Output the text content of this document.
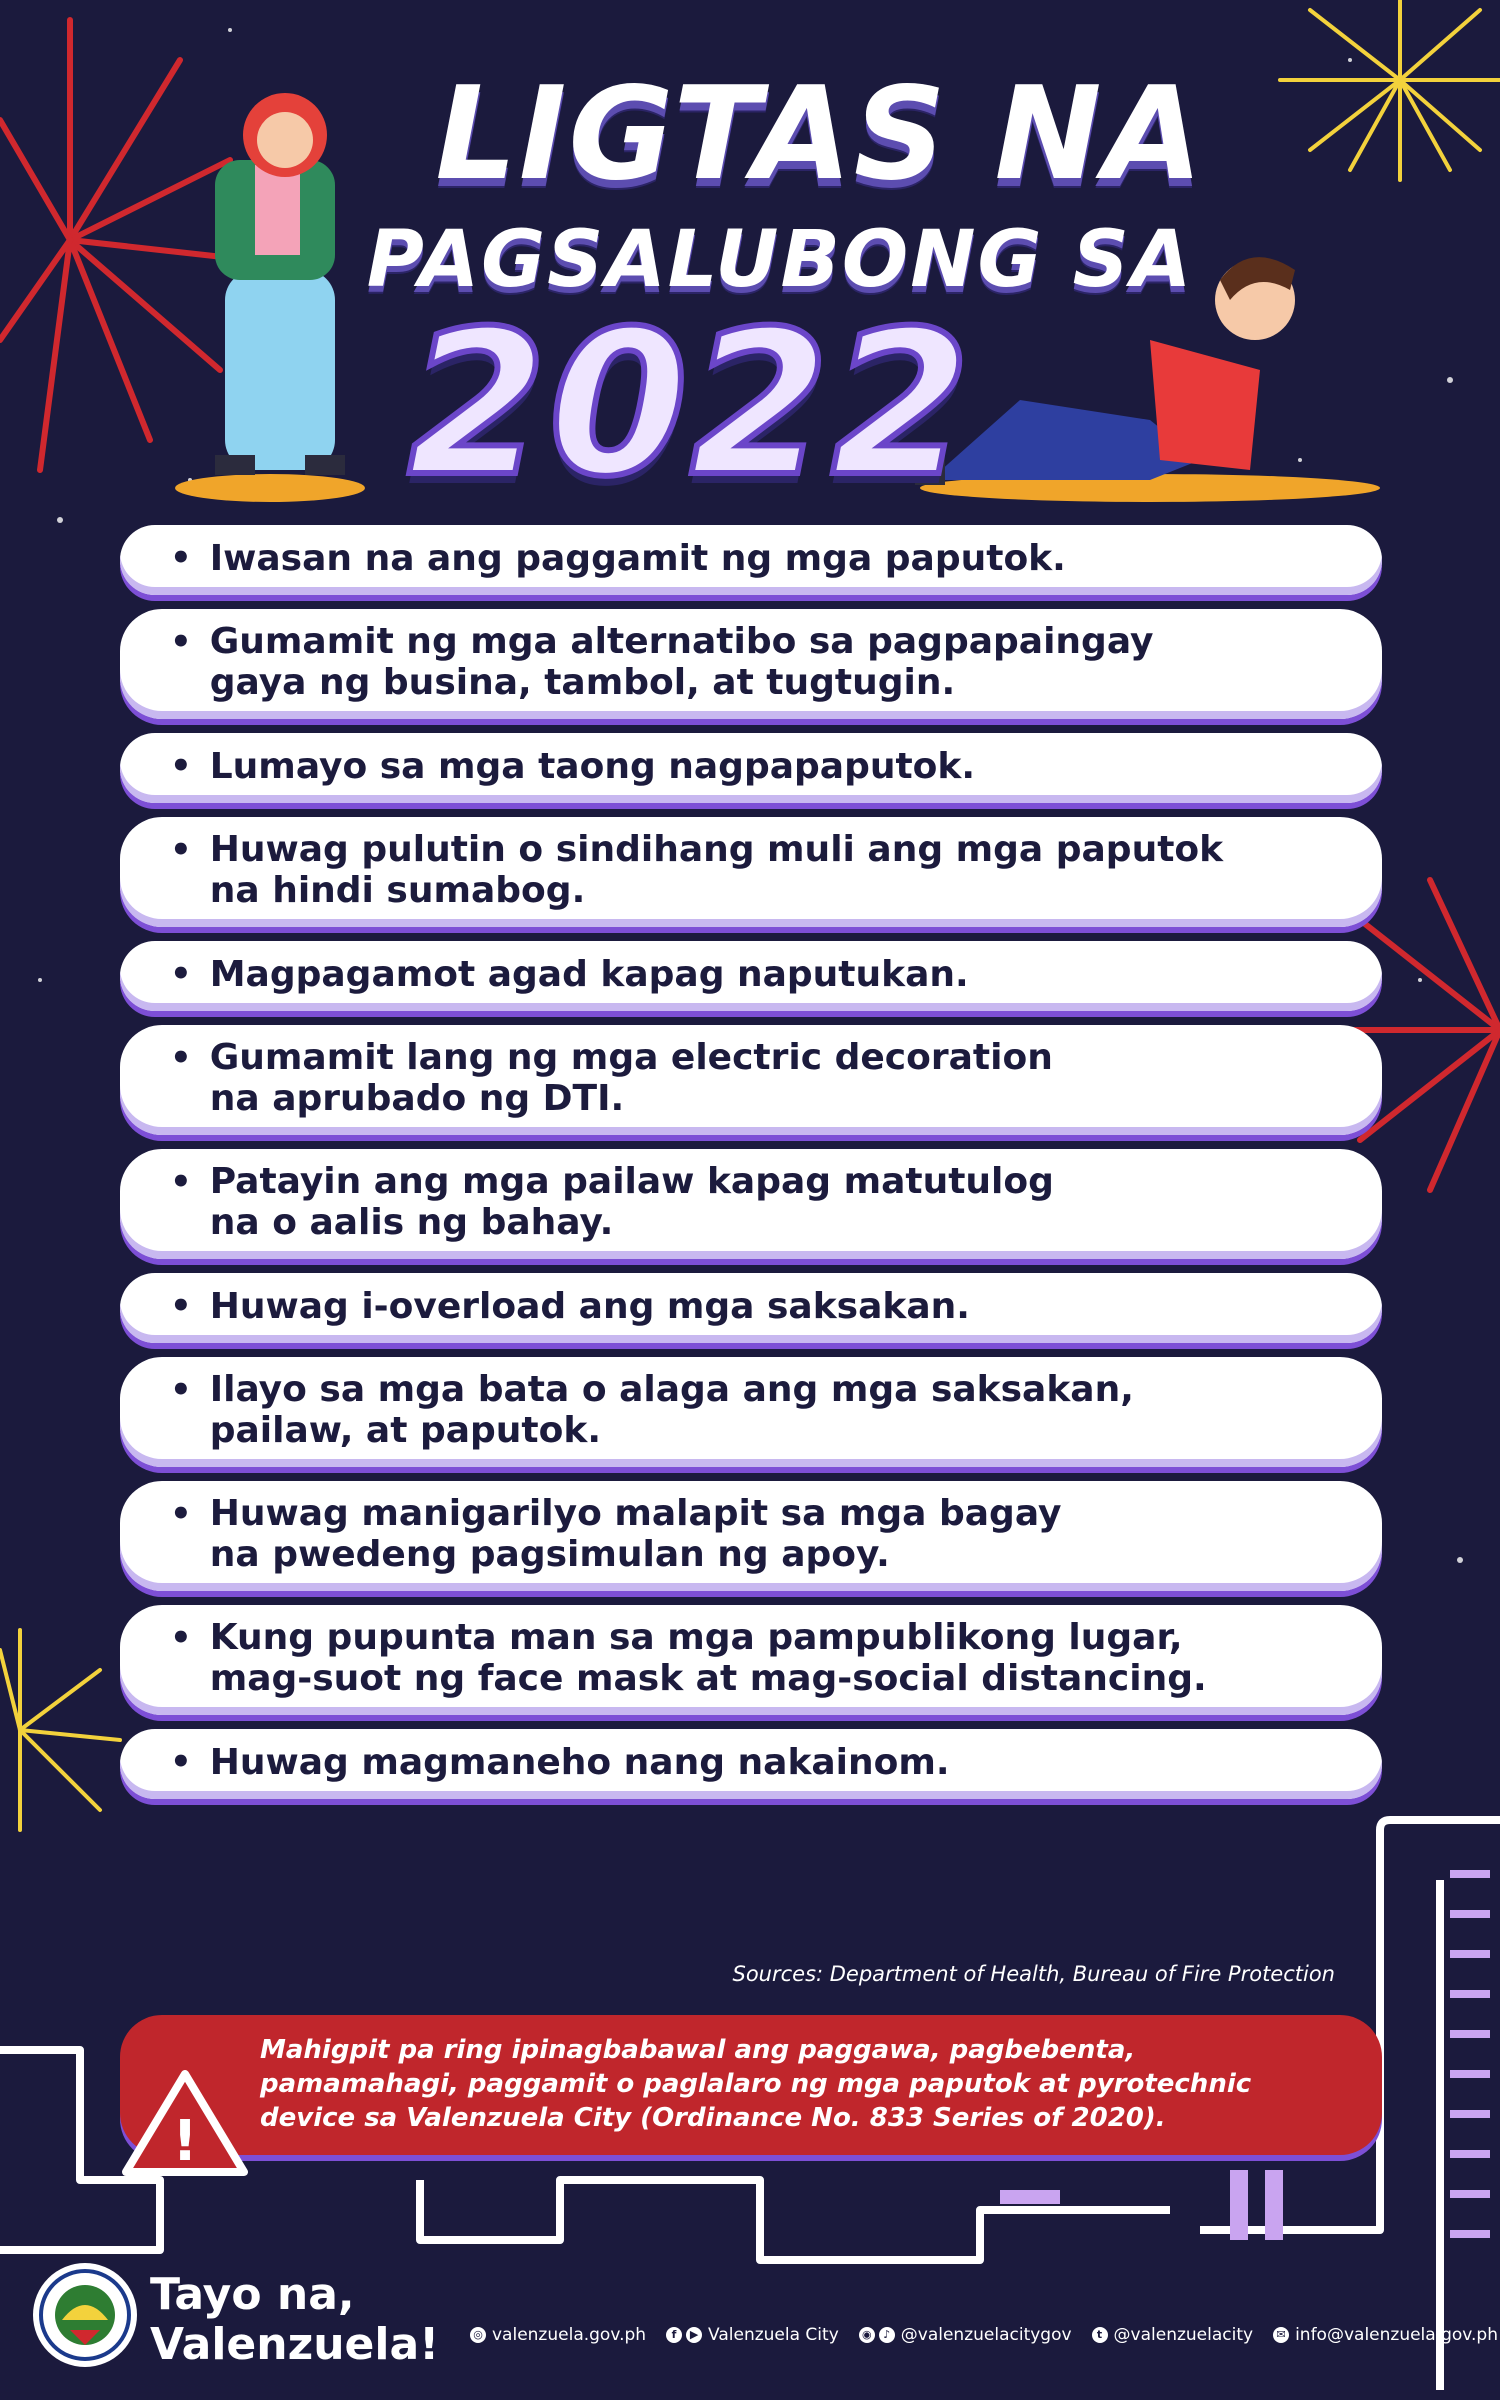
LIGTAS NA
PAGSALUBONG SA
2022
• Iwasan na ang paggamit ng mga paputok.
• Gumamit ng mga alternatibo sa pagpapaingay
gaya ng busina, tambol, at tugtugin.
• Lumayo sa mga taong nagpapaputok.
• Huwag pulutin o sindihang muli ang mga paputok
na hindi sumabog.
• Magpagamot agad kapag naputukan.
• Gumamit lang ng mga electric decoration
na aprubado ng DTI.
• Patayin ang mga pailaw kapag matutulog
na o aalis ng bahay.
• Huwag i-overload ang mga saksakan.
• Ilayo sa mga bata o alaga ang mga saksakan,
pailaw, at paputok.
• Huwag manigarilyo malapit sa mga bagay
na pwedeng pagsimulan ng apoy.
• Kung pupunta man sa mga pampublikong lugar,
mag-suot ng face mask at mag-social distancing.
• Huwag magmaneho nang nakainom.

Sources: Department of Health, Bureau of Fire Protection

Mahigpit pa ring ipinagbabawal ang paggawa, pagbebenta, pamamahagi, paggamit o paglalaro ng mga paputok at pyrotechnic device sa Valenzuela City (Ordinance No. 833 Series of 2020).

!

Tayo na,
Valenzuela!	◎ valenzuela.gov.ph	f	▶ Valenzuela City ◉	♪ @valenzuelacitygov	t @valenzuelacity	✉ info@valenzuela.gov.ph
